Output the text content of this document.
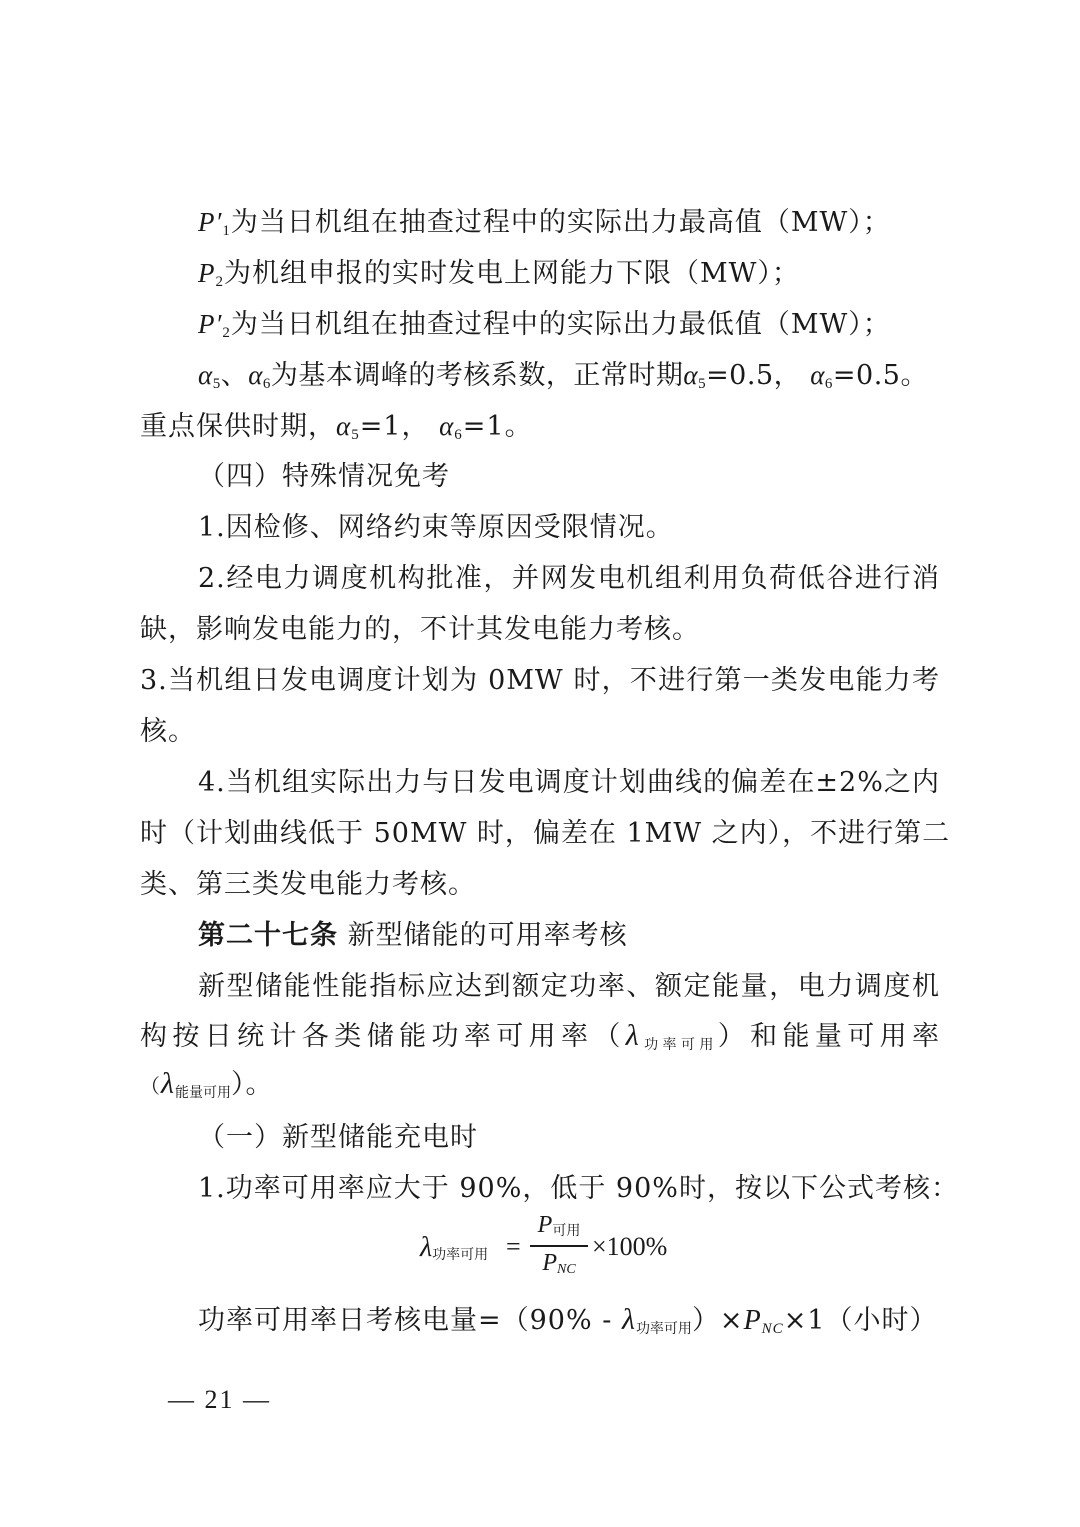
$P'_1$为当日机组在抽查过程中的实际出力最高值（MW）；
$P_2$为机组申报的实时发电上网能力下限（MW）；
$P'_2$为当日机组在抽查过程中的实际出力最低值（MW）；
$\alpha_5$、$\alpha_6$为基本调峰的考核系数，正常时期$\alpha_5=0.5$， $\alpha_6=0.5$。
重点保供时期，$\alpha_5=1$， $\alpha_6=1$。
（四）特殊情况免考
1.因检修、网络约束等原因受限情况。
2.经电力调度机构批准，并网发电机组利用负荷低谷进行消
缺，影响发电能力的，不计其发电能力考核。
3.当机组日发电调度计划为 0MW 时，不进行第一类发电能力考
核。
4.当机组实际出力与日发电调度计划曲线的偏差在±2%之内
时（计划曲线低于 50MW 时，偏差在 1MW 之内），不进行第二
类、第三类发电能力考核。
第二十七条 新型储能的可用率考核
新型储能性能指标应达到额定功率、额定能量，电力调度机
构按日统计各类储能功率可用率（λ功率可用）和能量可用率
（λ能量可用）。
（一）新型储能充电时
1.功率可用率应大于 90%，低于 90%时，按以下公式考核：
λ功率可用 =
P可用
PNC
×100%
功率可用率日考核电量=（90% - λ功率可用）$\times P_{NC}\times 1$（小时）
— 21 —
